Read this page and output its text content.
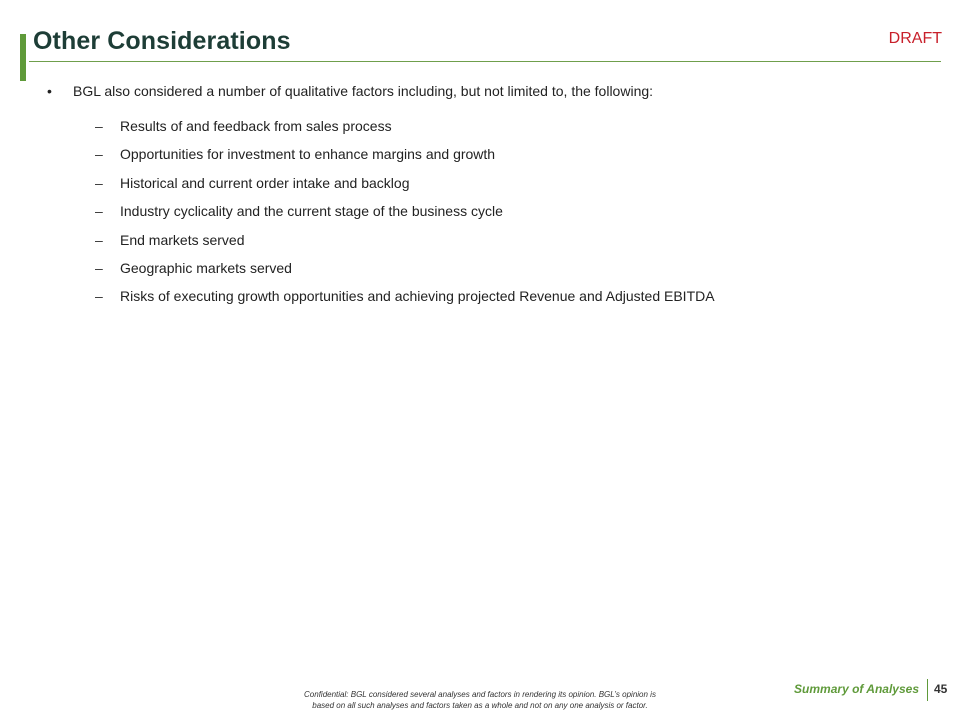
Other Considerations	DRAFT
•	BGL also considered a number of qualitative factors including, but not limited to, the following:
–	Results of and feedback from sales process
–	Opportunities for investment to enhance margins and growth
–	Historical and current order intake and backlog
–	Industry cyclicality and the current stage of the business cycle
–	End markets served
–	Geographic markets served
–	Risks of executing growth opportunities and achieving projected Revenue and Adjusted EBITDA
Confidential: BGL considered several analyses and factors in rendering its opinion. BGL’s opinion is
based on all such analyses and factors taken as a whole and not on any one analysis or factor.
Summary of Analyses 45
